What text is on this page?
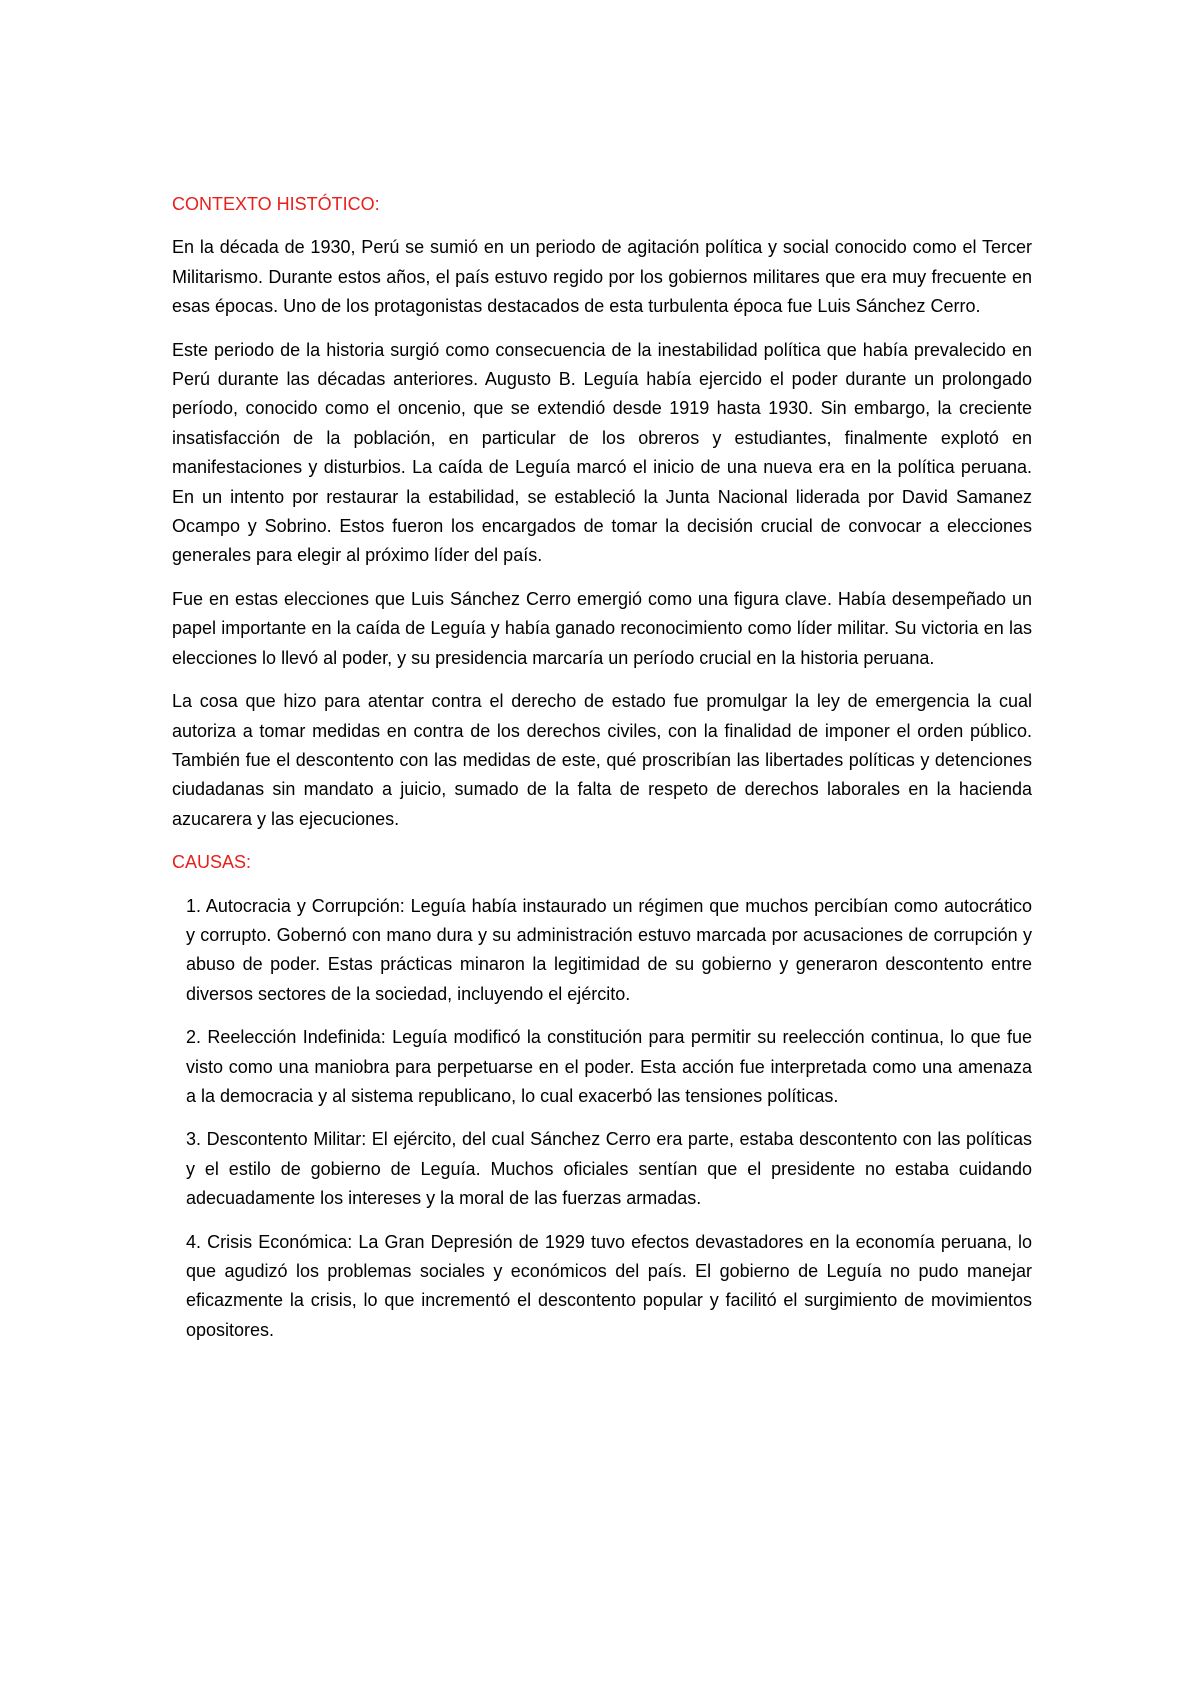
CONTEXTO HISTÓTICO:

En la década de 1930, Perú se sumió en un periodo de agitación política y social conocido como el Tercer Militarismo. Durante estos años, el país estuvo regido por los gobiernos militares que era muy frecuente en esas épocas. Uno de los protagonistas destacados de esta turbulenta época fue Luis Sánchez Cerro.

Este periodo de la historia surgió como consecuencia de la inestabilidad política que había prevalecido en Perú durante las décadas anteriores. Augusto B. Leguía había ejercido el poder durante un prolongado período, conocido como el oncenio, que se extendió desde 1919 hasta 1930. Sin embargo, la creciente insatisfacción de la población, en particular de los obreros y estudiantes, finalmente explotó en manifestaciones y disturbios. La caída de Leguía marcó el inicio de una nueva era en la política peruana. En un intento por restaurar la estabilidad, se estableció la Junta Nacional liderada por David Samanez Ocampo y Sobrino. Estos fueron los encargados de tomar la decisión crucial de convocar a elecciones generales para elegir al próximo líder del país.

Fue en estas elecciones que Luis Sánchez Cerro emergió como una figura clave. Había desempeñado un papel importante en la caída de Leguía y había ganado reconocimiento como líder militar. Su victoria en las elecciones lo llevó al poder, y su presidencia marcaría un período crucial en la historia peruana.

La cosa que hizo para atentar contra el derecho de estado fue promulgar la ley de emergencia la cual autoriza a tomar medidas en contra de los derechos civiles, con la finalidad de imponer el orden público. También fue el descontento con las medidas de este, qué proscribían las libertades políticas y detenciones ciudadanas sin mandato a juicio, sumado de la falta de respeto de derechos laborales en la hacienda azucarera y las ejecuciones.

CAUSAS:
1. Autocracia y Corrupción: Leguía había instaurado un régimen que muchos percibían como autocrático y corrupto. Gobernó con mano dura y su administración estuvo marcada por acusaciones de corrupción y abuso de poder. Estas prácticas minaron la legitimidad de su gobierno y generaron descontento entre diversos sectores de la sociedad, incluyendo el ejército.
2. Reelección Indefinida: Leguía modificó la constitución para permitir su reelección continua, lo que fue visto como una maniobra para perpetuarse en el poder. Esta acción fue interpretada como una amenaza a la democracia y al sistema republicano, lo cual exacerbó las tensiones políticas.
3. Descontento Militar: El ejército, del cual Sánchez Cerro era parte, estaba descontento con las políticas y el estilo de gobierno de Leguía. Muchos oficiales sentían que el presidente no estaba cuidando adecuadamente los intereses y la moral de las fuerzas armadas.
4. Crisis Económica: La Gran Depresión de 1929 tuvo efectos devastadores en la economía peruana, lo que agudizó los problemas sociales y económicos del país. El gobierno de Leguía no pudo manejar eficazmente la crisis, lo que incrementó el descontento popular y facilitó el surgimiento de movimientos opositores.
